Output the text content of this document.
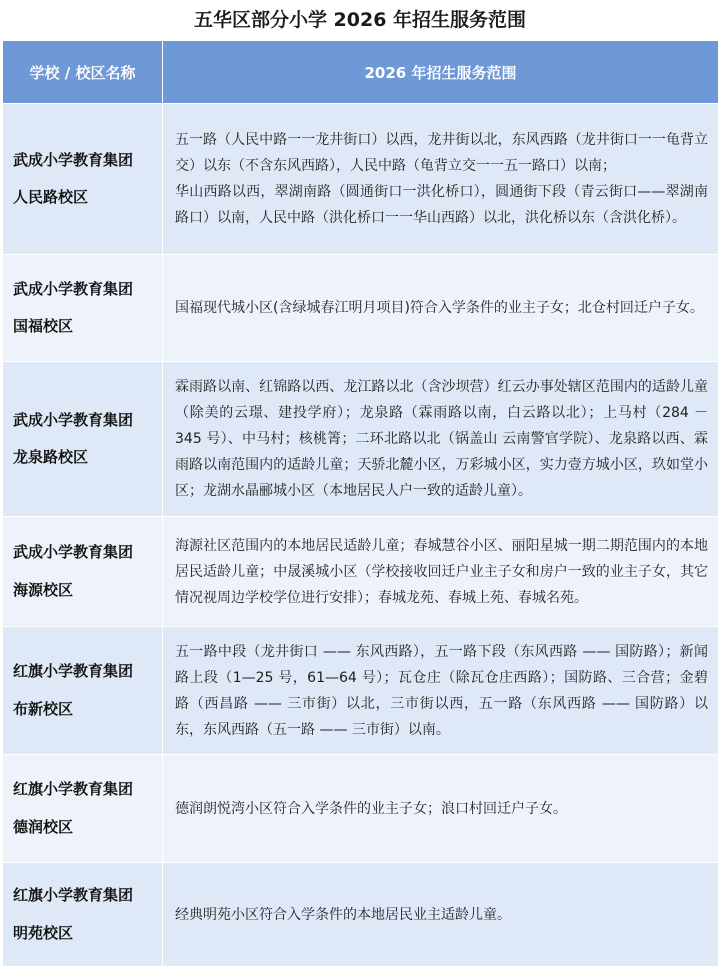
五华区部分小学 2026 年招生服务范围
学校 / 校区名称	2026 年招生服务范围

武成小学教育集团
人民路校区	五一路（人民中路一一龙井街口）以西，龙井街以北，东风西路（龙井街口一一龟背立交）以东（不含东风西路），人民中路（龟背立交一一五一路口）以南；
华山西路以西，翠湖南路（圆通街口一洪化桥口），圆通街下段（青云街口——翠湖南路口）以南，人民中路（洪化桥口一一华山西路）以北，洪化桥以东（含洪化桥）。

武成小学教育集团
国福校区	国福现代城小区(含绿城春江明月项目)符合入学条件的业主子女；北仓村回迁户子女。

武成小学教育集团
龙泉路校区	霖雨路以南、红锦路以西、龙江路以北（含沙坝营）红云办事处辖区范围内的适龄儿童（除美的云璟、建投学府）；龙泉路（霖雨路以南，白云路以北）；上马村（284 － 345 号）、中马村；核桃箐；二环北路以北（锅盖山 云南警官学院）、龙泉路以西、霖雨路以南范围内的适龄儿童；天骄北麓小区，万彩城小区，实力壹方城小区，玖如堂小区；龙湖水晶郦城小区（本地居民人户一致的适龄儿童）。

武成小学教育集团
海源校区	海源社区范围内的本地居民适龄儿童；春城慧谷小区、丽阳星城一期二期范围内的本地居民适龄儿童；中晟溪城小区（学校接收回迁户业主子女和房户一致的业主子女，其它情况视周边学校学位进行安排）；春城龙苑、春城上苑、春城名苑。

红旗小学教育集团
布新校区	五一路中段（龙井街口 —— 东风西路），五一路下段（东风西路 —— 国防路）；新闻路上段（1—25 号，61—64 号）；瓦仓庄（除瓦仓庄西路）；国防路、三合营；金碧路（西昌路 —— 三市街）以北，三市街以西，五一路（东风西路 —— 国防路）以东，东风西路（五一路 —— 三市街）以南。

红旗小学教育集团
德润校区	德润朗悦湾小区符合入学条件的业主子女；浪口村回迁户子女。

红旗小学教育集团
明苑校区	经典明苑小区符合入学条件的本地居民业主适龄儿童。
